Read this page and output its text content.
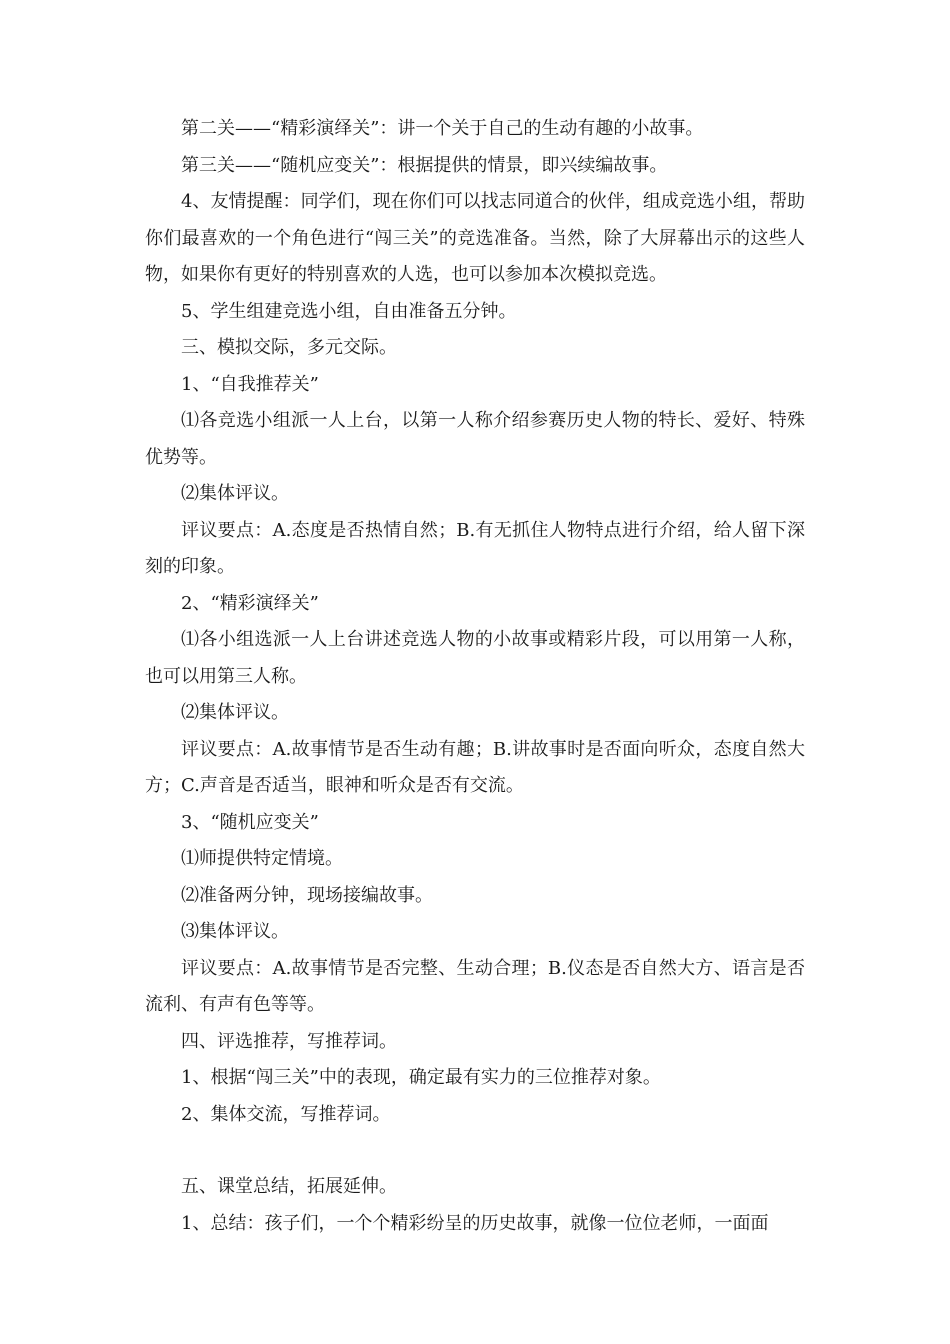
第二关——“精彩演绎关”：讲一个关于自己的生动有趣的小故事。

第三关——“随机应变关”：根据提供的情景，即兴续编故事。

4、友情提醒：同学们，现在你们可以找志同道合的伙伴，组成竞选小组，帮助你们最喜欢的一个角色进行“闯三关”的竞选准备。当然，除了大屏幕出示的这些人物，如果你有更好的特别喜欢的人选，也可以参加本次模拟竞选。

5、学生组建竞选小组，自由准备五分钟。

三、模拟交际，多元交际。

1、“自我推荐关”

⑴各竞选小组派一人上台，以第一人称介绍参赛历史人物的特长、爱好、特殊优势等。

⑵集体评议。

评议要点：A.态度是否热情自然；B.有无抓住人物特点进行介绍，给人留下深刻的印象。

2、“精彩演绎关”

⑴各小组选派一人上台讲述竞选人物的小故事或精彩片段，可以用第一人称，也可以用第三人称。

⑵集体评议。

评议要点：A.故事情节是否生动有趣；B.讲故事时是否面向听众，态度自然大方；C.声音是否适当，眼神和听众是否有交流。

3、“随机应变关”

⑴师提供特定情境。

⑵准备两分钟，现场接编故事。

⑶集体评议。

评议要点：A.故事情节是否完整、生动合理；B.仪态是否自然大方、语言是否流利、有声有色等等。

四、评选推荐，写推荐词。

1、根据“闯三关”中的表现，确定最有实力的三位推荐对象。

2、集体交流，写推荐词。

五、课堂总结，拓展延伸。

1、总结：孩子们，一个个精彩纷呈的历史故事，就像一位位老师，一面面
